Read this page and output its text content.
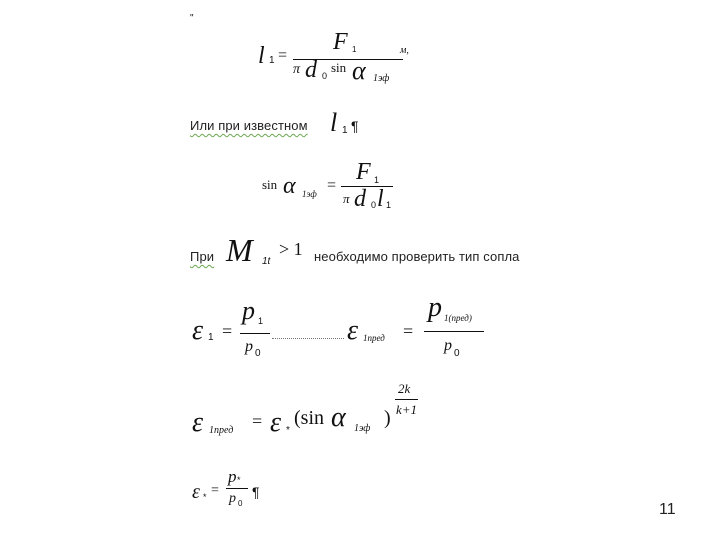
"
l 1 =
F 1
π d 0
sin α 1эф
м,
Или при известном l 1 ¶
sin α 1эф =
F 1
π d 0 l 1
При M 1t
> 1 необходимо проверить тип сопла
ε 1 =
p 1
p 0
ε 1пред =
p 1(пред)
p 0
ε 1пред = ε *
(sin α 1эф )
2k
k+1
ε * =
p *
p 0
¶
11
